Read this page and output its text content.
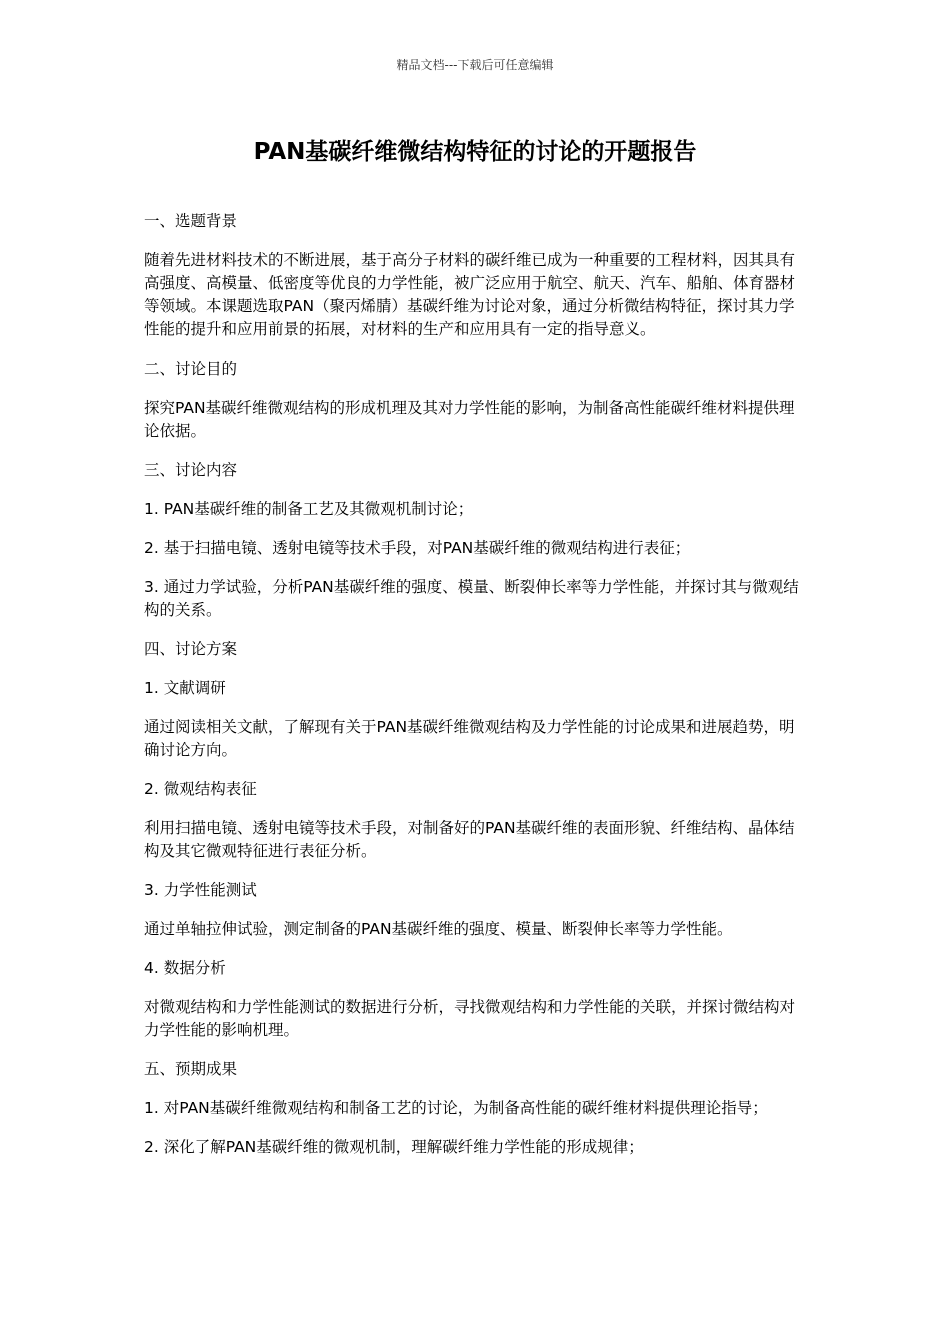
精品文档---下载后可任意编辑
PAN基碳纤维微结构特征的讨论的开题报告

一、选题背景

随着先进材料技术的不断进展，基于高分子材料的碳纤维已成为一种重要的工程材料，因其具有高强度、高模量、低密度等优良的力学性能，被广泛应用于航空、航天、汽车、船舶、体育器材等领域。本课题选取PAN（聚丙烯腈）基碳纤维为讨论对象，通过分析微结构特征，探讨其力学性能的提升和应用前景的拓展，对材料的生产和应用具有一定的指导意义。

二、讨论目的

探究PAN基碳纤维微观结构的形成机理及其对力学性能的影响，为制备高性能碳纤维材料提供理论依据。

三、讨论内容

1. PAN基碳纤维的制备工艺及其微观机制讨论；

2. 基于扫描电镜、透射电镜等技术手段，对PAN基碳纤维的微观结构进行表征；

3. 通过力学试验，分析PAN基碳纤维的强度、模量、断裂伸长率等力学性能，并探讨其与微观结构的关系。

四、讨论方案

1. 文献调研

通过阅读相关文献，了解现有关于PAN基碳纤维微观结构及力学性能的讨论成果和进展趋势，明确讨论方向。

2. 微观结构表征

利用扫描电镜、透射电镜等技术手段，对制备好的PAN基碳纤维的表面形貌、纤维结构、晶体结构及其它微观特征进行表征分析。

3. 力学性能测试

通过单轴拉伸试验，测定制备的PAN基碳纤维的强度、模量、断裂伸长率等力学性能。

4. 数据分析

对微观结构和力学性能测试的数据进行分析，寻找微观结构和力学性能的关联，并探讨微结构对力学性能的影响机理。

五、预期成果

1. 对PAN基碳纤维微观结构和制备工艺的讨论，为制备高性能的碳纤维材料提供理论指导；

2. 深化了解PAN基碳纤维的微观机制，理解碳纤维力学性能的形成规律；
